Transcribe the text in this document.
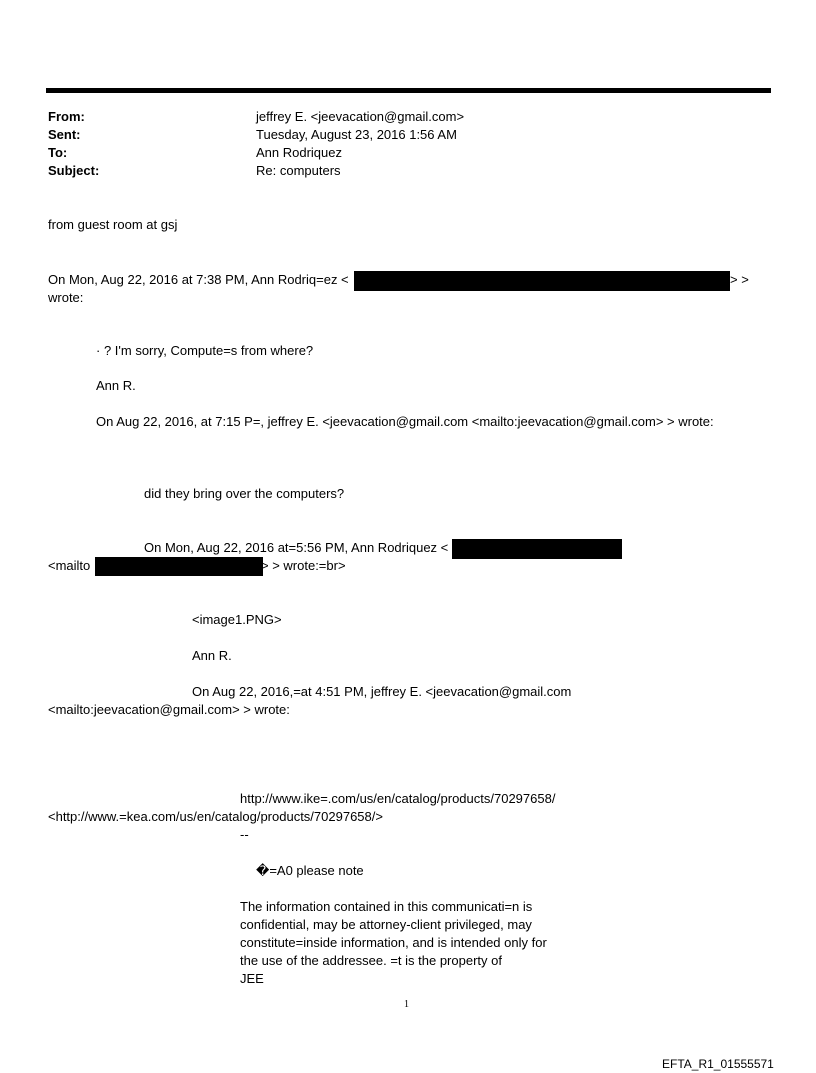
From:	jeffrey E. <jeevacation@gmail.com>
Sent:	Tuesday, August 23, 2016 1:56 AM
To:	Ann Rodriquez
Subject:	Re: computers
from guest room at gsj
On Mon, Aug 22, 2016 at 7:38 PM, Ann Rodriq=ez <	> >
wrote:
· ? I'm sorry, Compute=s from where?
Ann R.
On Aug 22, 2016, at 7:15 P=, jeffrey E. <jeevacation@gmail.com <mailto:jeevacation@gmail.com> > wrote:
did they bring over the computers?
On Mon, Aug 22, 2016 at=5:56 PM, Ann Rodriquez <
<mailto	> > wrote:=br>
<image1.PNG>
Ann R.
On Aug 22, 2016,=at 4:51 PM, jeffrey E. <jeevacation@gmail.com
<mailto:jeevacation@gmail.com> > wrote:
http://www.ike=.com/us/en/catalog/products/70297658/
<http://www.=kea.com/us/en/catalog/products/70297658/>
--
�=A0 please note
The information contained in this communicati=n is
confidential, may be attorney-client privileged, may
constitute=inside information, and is intended only for
the use of the addressee. =t is the property of
JEE
1
EFTA_R1_01555571
